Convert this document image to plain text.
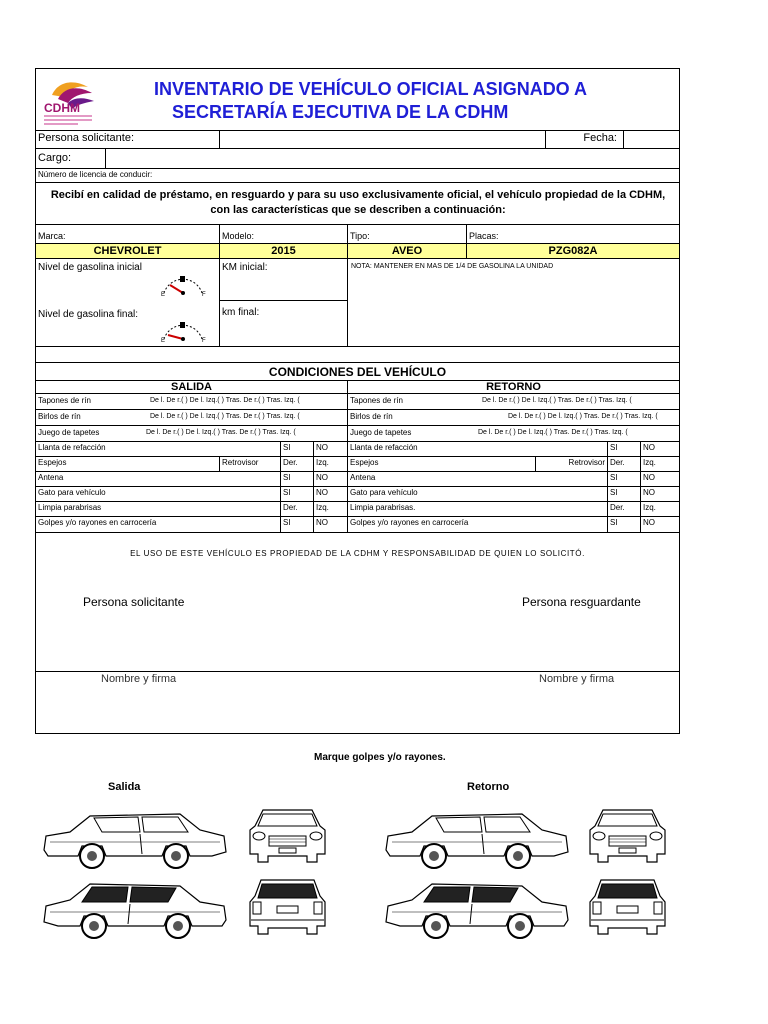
CDHM
INVENTARIO DE VEHÍCULO OFICIAL ASIGNADO A
SECRETARÍA EJECUTIVA DE LA CDHM
Persona solicitante:	Fecha:
Cargo:
Número de licencia de conducir:
Recibí en calidad de préstamo, en resguardo y para su uso exclusivamente oficial, el vehículo propiedad de la CDHM, con las características que se describen a continuación:
Marca:	Modelo:	Tipo:	Placas:
CHEVROLET	2015	AVEO	PZG082A
Nivel de gasolina inicial
E	F
Nivel de gasolina final:
E	F
KM inicial:
km final:
NOTA: MANTENER EN MAS DE 1/4 DE GASOLINA LA UNIDAD
CONDICIONES DEL VEHÍCULO
SALIDA	RETORNO
Tapones de rín	De l. De r.( ) De l. Izq.( ) Tras. De r.( ) Tras. Izq. (	Tapones de rín	De l. De r.( ) De l. Izq.( ) Tras. De r.( ) Tras. Izq. (
Birlos de rín	De l. De r.( ) De l. Izq.( ) Tras. De r.( ) Tras. Izq. (	Birlos de rín	De l. De r.( ) De l. Izq.( ) Tras. De r.( ) Tras. Izq. (
Juego de tapetes	De l. De r.( ) De l. Izq.( ) Tras. De r.( ) Tras. Izq. (	Juego de tapetes	De l. De r.( ) De l. Izq.( ) Tras. De r.( ) Tras. Izq. (
Llanta de refacción	SI	NO	Llanta de refacción	SI	NO
Espejos	Retrovisor	Der.	Izq.	Espejos	Retrovisor Der.	Izq.
Antena	SI	NO	Antena	SI	NO
Gato para vehículo	SI	NO	Gato para vehículo	SI	NO
Limpia parabrisas	Der.	Izq.	Limpia parabrisas.	Der.	Izq.
Golpes y/o rayones en carrocería	SI	NO	Golpes y/o rayones en carrocería	SI	NO
EL USO DE ESTE VEHÍCULO ES PROPIEDAD DE LA CDHM Y RESPONSABILIDAD DE QUIEN LO SOLICITÓ.
Persona solicitante	Persona resguardante
Nombre y firma	Nombre y firma
Marque golpes y/o rayones.
Salida	Retorno
